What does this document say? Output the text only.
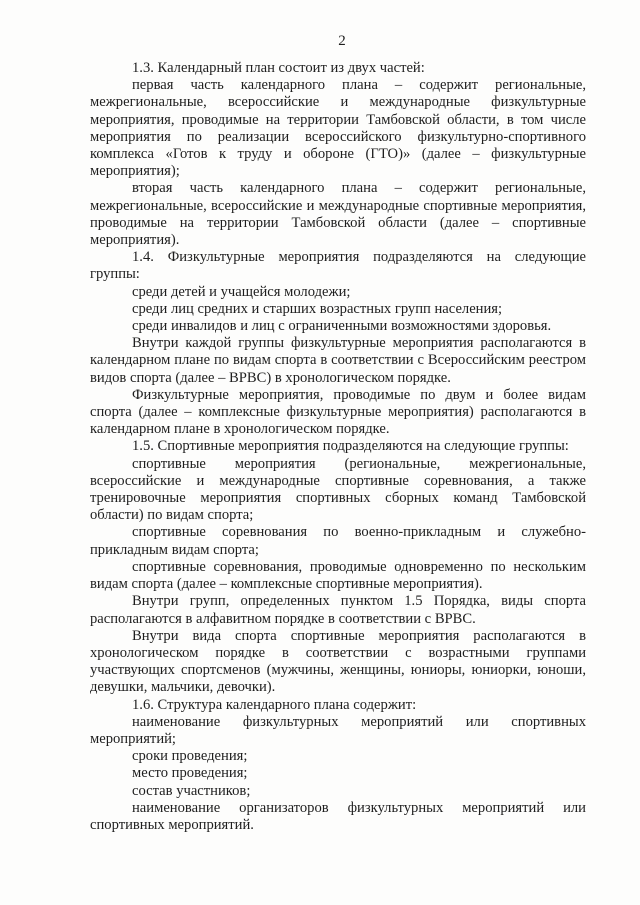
2

1.3. Календарный план состоит из двух частей:

первая часть календарного плана – содержит региональные, межрегиональные, всероссийские и международные физкультурные мероприятия, проводимые на территории Тамбовской области, в том числе мероприятия по реализации всероссийского физкультурно-спортивного комплекса «Готов к труду и обороне (ГТО)» (далее – физкультурные мероприятия);

вторая часть календарного плана – содержит региональные, межрегиональные, всероссийские и международные спортивные мероприятия, проводимые на территории Тамбовской области (далее – спортивные мероприятия).

1.4. Физкультурные мероприятия подразделяются на следующие группы:

среди детей и учащейся молодежи;

среди лиц средних и старших возрастных групп населения;

среди инвалидов и лиц с ограниченными возможностями здоровья.

Внутри каждой группы физкультурные мероприятия располагаются в календарном плане по видам спорта в соответствии с Всероссийским реестром видов спорта (далее – ВРВС) в хронологическом порядке.

Физкультурные мероприятия, проводимые по двум и более видам спорта (далее – комплексные физкультурные мероприятия) располагаются в календарном плане в хронологическом порядке.

1.5. Спортивные мероприятия подразделяются на следующие группы:

спортивные мероприятия (региональные, межрегиональные, всероссийские и международные спортивные соревнования, а также тренировочные мероприятия спортивных сборных команд Тамбовской области) по видам спорта;

спортивные соревнования по военно-прикладным и служебно-прикладным видам спорта;

спортивные соревнования, проводимые одновременно по нескольким видам спорта (далее – комплексные спортивные мероприятия).

Внутри групп, определенных пунктом 1.5 Порядка, виды спорта располагаются в алфавитном порядке в соответствии с ВРВС.

Внутри вида спорта спортивные мероприятия располагаются в хронологическом порядке в соответствии с возрастными группами участвующих спортсменов (мужчины, женщины, юниоры, юниорки, юноши, девушки, мальчики, девочки).

1.6. Структура календарного плана содержит:

наименование физкультурных мероприятий или спортивных мероприятий;

сроки проведения;

место проведения;

состав участников;

наименование организаторов физкультурных мероприятий или спортивных мероприятий.
